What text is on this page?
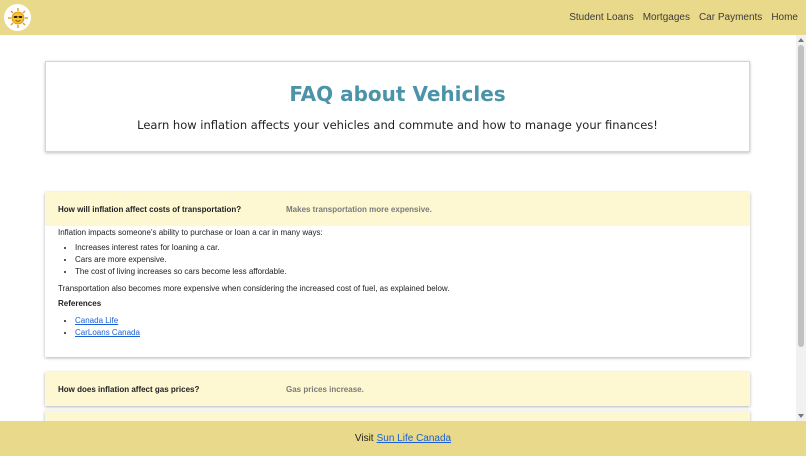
Student Loans Mortgages Car Payments Home
FAQ about Vehicles

Learn how inflation affects your vehicles and commute and how to manage your finances!

How will inflation affect costs of transportation?	Makes transportation more expensive.

Inflation impacts someone's ability to purchase or loan a car in many ways:

• Increases interest rates for loaning a car.
• Cars are more expensive.
• The cost of living increases so cars become less affordable.

Transportation also becomes more expensive when considering the increased cost of fuel, as explained below.

References
• Canada Life
• CarLoans Canada
How does inflation affect gas prices?	Gas prices increase.
Visit Sun Life Canada
